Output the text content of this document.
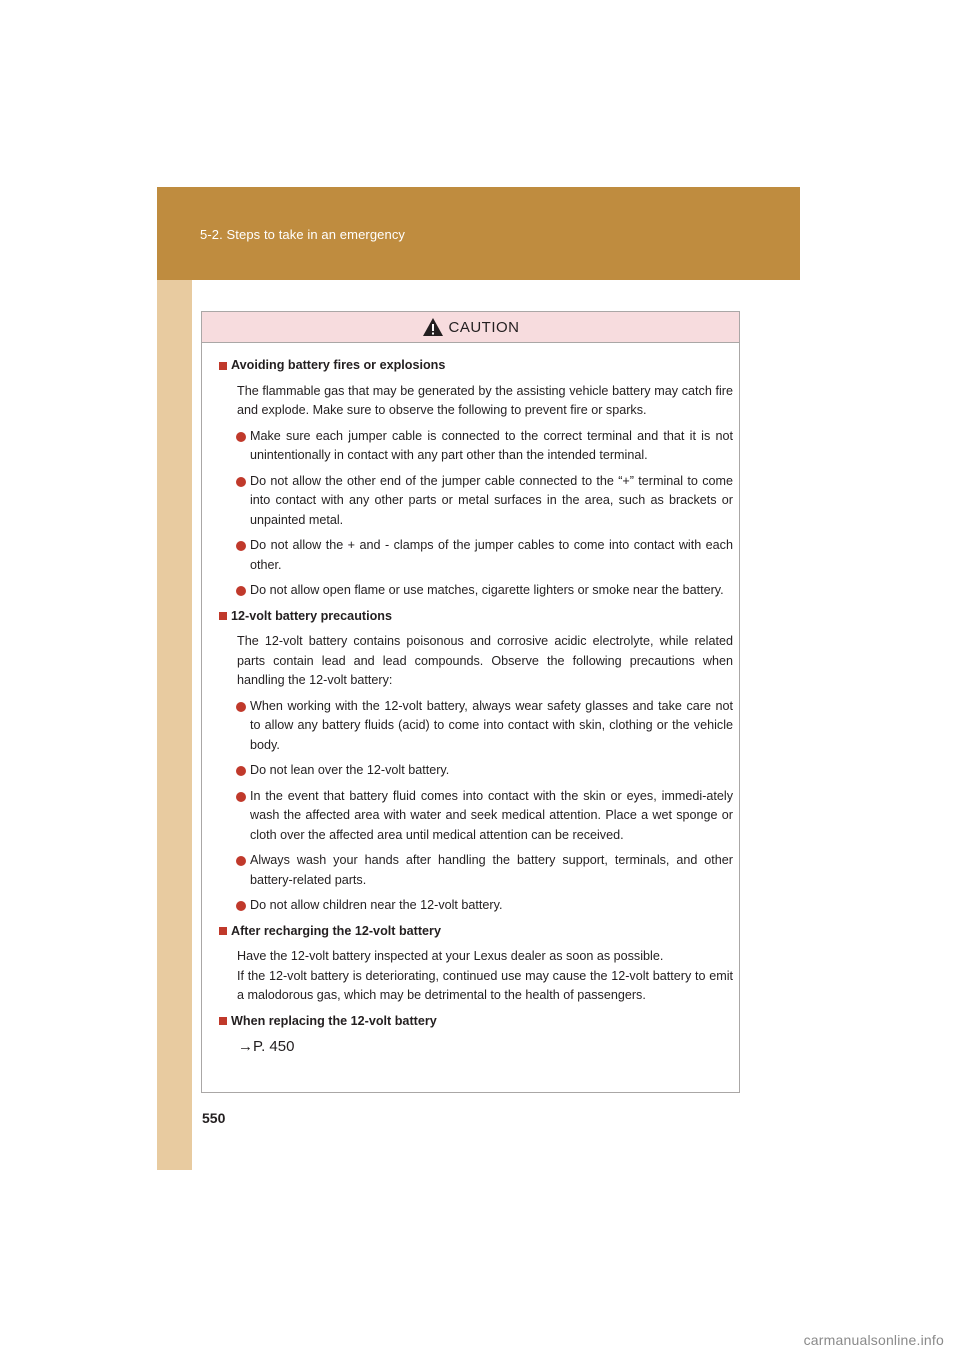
5-2. Steps to take in an emergency
550
CAUTION
Avoiding battery fires or explosions
The flammable gas that may be generated by the assisting vehicle battery may catch fire and explode. Make sure to observe the following to prevent fire or sparks.
Make sure each jumper cable is connected to the correct terminal and that it is not unintentionally in contact with any part other than the intended terminal.
Do not allow the other end of the jumper cable connected to the “+” terminal to come into contact with any other parts or metal surfaces in the area, such as brackets or unpainted metal.
Do not allow the + and - clamps of the jumper cables to come into contact with each other.
Do not allow open flame or use matches, cigarette lighters or smoke near the battery.
12-volt battery precautions
The 12-volt battery contains poisonous and corrosive acidic electrolyte, while related parts contain lead and lead compounds. Observe the following precautions when handling the 12-volt battery:
When working with the 12-volt battery, always wear safety glasses and take care not to allow any battery fluids (acid) to come into contact with skin, clothing or the vehicle body.
Do not lean over the 12-volt battery.
In the event that battery fluid comes into contact with the skin or eyes, immedi-ately wash the affected area with water and seek medical attention. Place a wet sponge or cloth over the affected area until medical attention can be received.
Always wash your hands after handling the battery support, terminals, and other battery-related parts.
Do not allow children near the 12-volt battery.
After recharging the 12-volt battery
Have the 12-volt battery inspected at your Lexus dealer as soon as possible.
If the 12-volt battery is deteriorating, continued use may cause the 12-volt battery to emit a malodorous gas, which may be detrimental to the health of passengers.
When replacing the 12-volt battery
→P. 450
carmanualsonline.info
